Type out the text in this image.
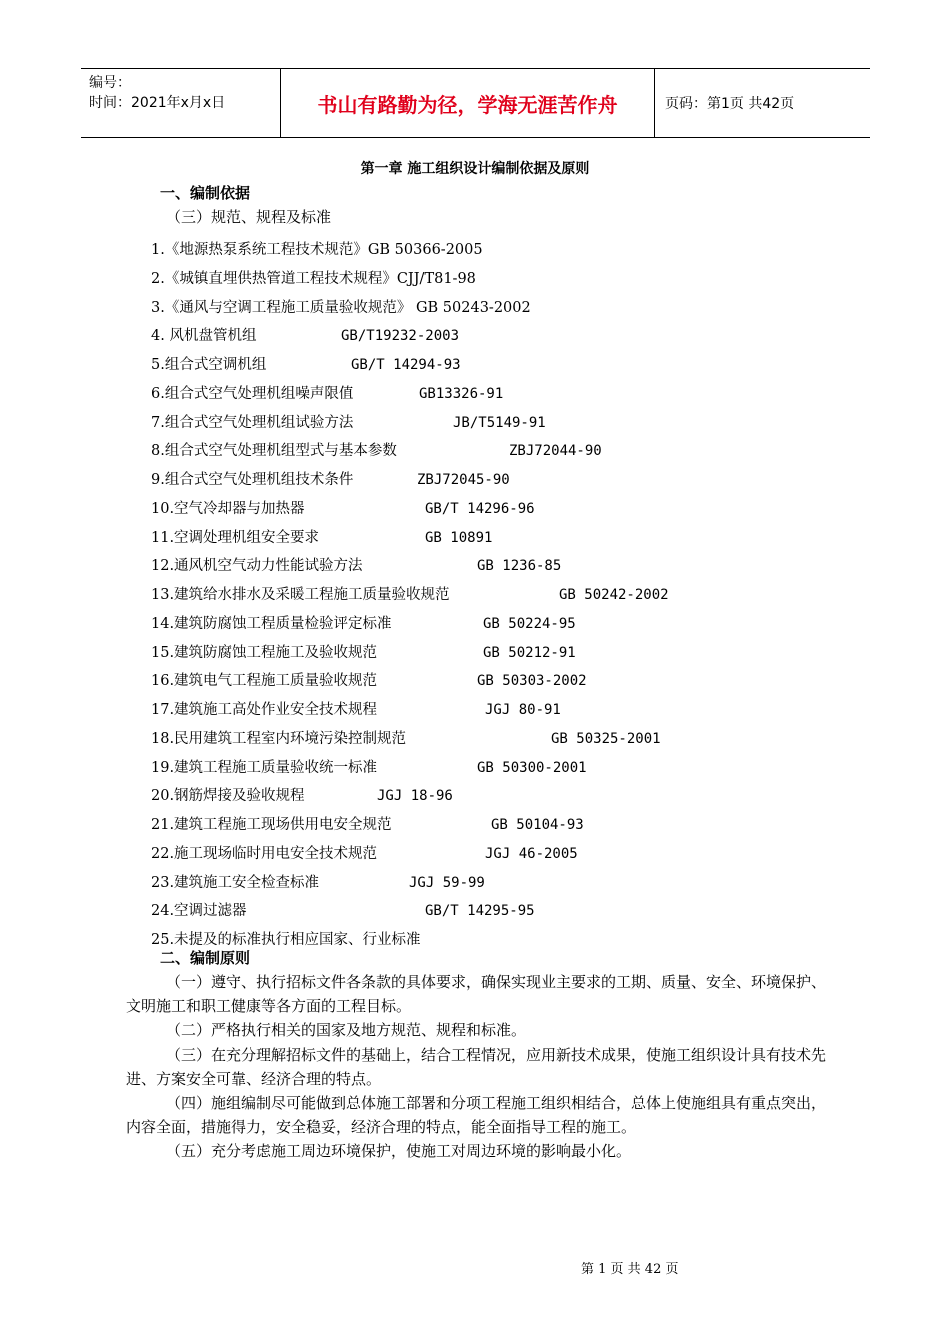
编号：
时间：2021年x月x日	书山有路勤为径，学海无涯苦作舟	页码：第1页 共42页
第一章 施工组织设计编制依据及原则
一、编制依据
（三）规范、规程及标准
1.《地源热泵系统工程技术规范》GB 50366-2005
2.《城镇直埋供热管道工程技术规程》CJJ/T81-98
3.《通风与空调工程施工质量验收规范》 GB 50243-2002
4. 风机盘管机组	GB/T19232-2003
5.组合式空调机组	GB/T 14294-93
6.组合式空气处理机组噪声限值	GB13326-91
7.组合式空气处理机组试验方法	JB/T5149-91
8.组合式空气处理机组型式与基本参数	ZBJ72044-90
9.组合式空气处理机组技术条件	ZBJ72045-90
10.空气冷却器与加热器	GB/T 14296-96
11.空调处理机组安全要求	GB 10891
12.通风机空气动力性能试验方法	GB 1236-85
13.建筑给水排水及采暖工程施工质量验收规范	GB 50242-2002
14.建筑防腐蚀工程质量检验评定标准	GB 50224-95
15.建筑防腐蚀工程施工及验收规范	GB 50212-91
16.建筑电气工程施工质量验收规范	GB 50303-2002
17.建筑施工高处作业安全技术规程	JGJ 80-91
18.民用建筑工程室内环境污染控制规范	GB 50325-2001
19.建筑工程施工质量验收统一标准	GB 50300-2001
20.钢筋焊接及验收规程	JGJ 18-96
21.建筑工程施工现场供用电安全规范	GB 50104-93
22.施工现场临时用电安全技术规范	JGJ 46-2005
23.建筑施工安全检查标准	JGJ 59-99
24.空调过滤器	GB/T 14295-95
25.未提及的标准执行相应国家、行业标准
二、编制原则

（一）遵守、执行招标文件各条款的具体要求，确保实现业主要求的工期、质量、安全、环境保护、文明施工和职工健康等各方面的工程目标。

（二）严格执行相关的国家及地方规范、规程和标准。

（三）在充分理解招标文件的基础上，结合工程情况，应用新技术成果，使施工组织设计具有技术先进、方案安全可靠、经济合理的特点。

（四）施组编制尽可能做到总体施工部署和分项工程施工组织相结合，总体上使施组具有重点突出，内容全面，措施得力，安全稳妥，经济合理的特点，能全面指导工程的施工。

（五）充分考虑施工周边环境保护，使施工对周边环境的影响最小化。

第 1 页 共 42 页
